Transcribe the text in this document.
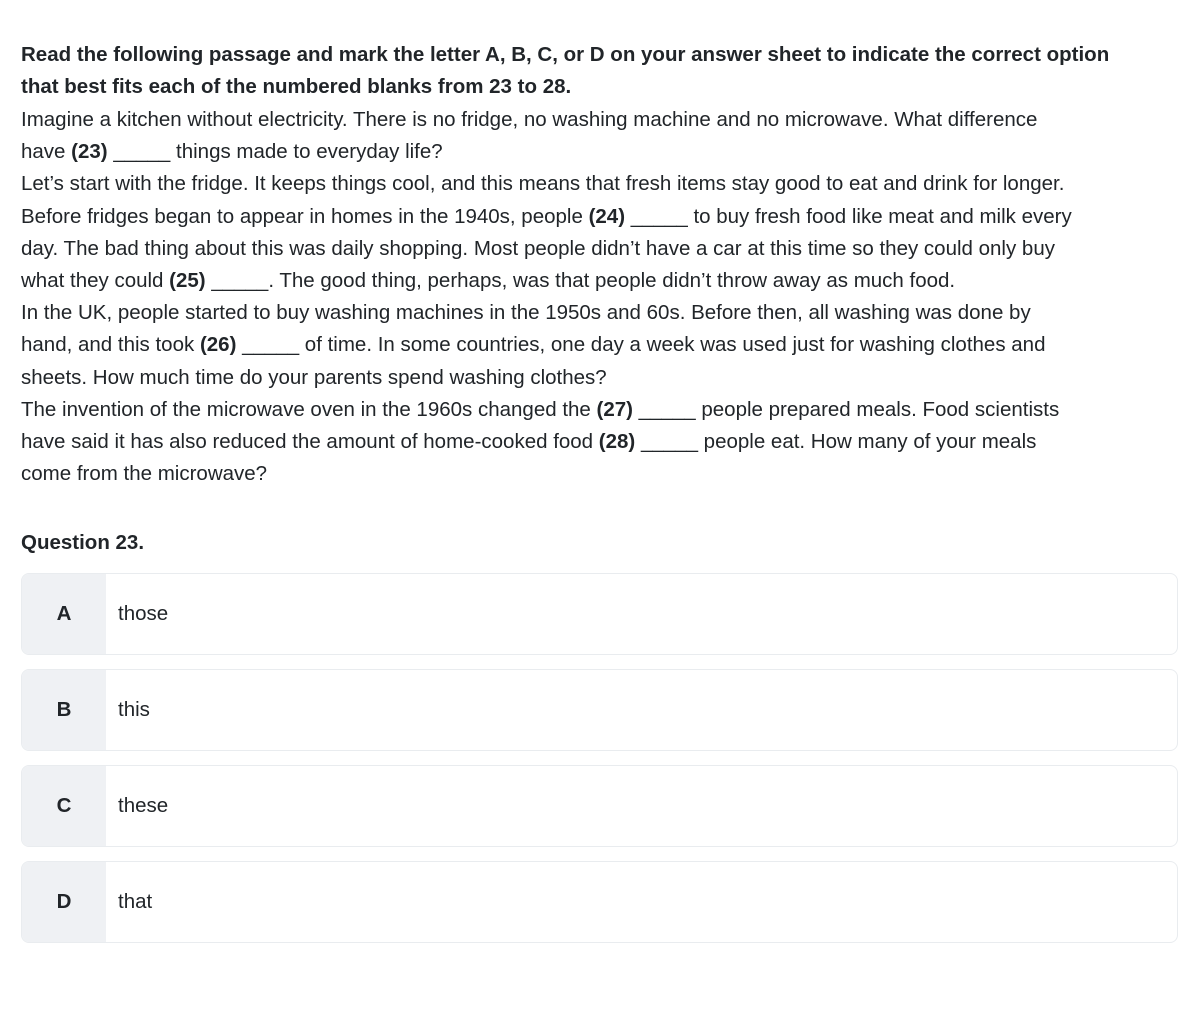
Read the following passage and mark the letter A, B, C, or D on your answer sheet to indicate the correct option
that best fits each of the numbered blanks from 23 to 28.

Imagine a kitchen without electricity. There is no fridge, no washing machine and no microwave. What difference
have (23) _____ things made to everyday life?
Let’s start with the fridge. It keeps things cool, and this means that fresh items stay good to eat and drink for longer.
Before fridges began to appear in homes in the 1940s, people (24) _____ to buy fresh food like meat and milk every
day. The bad thing about this was daily shopping. Most people didn’t have a car at this time so they could only buy
what they could (25) _____. The good thing, perhaps, was that people didn’t throw away as much food.
In the UK, people started to buy washing machines in the 1950s and 60s. Before then, all washing was done by
hand, and this took (26) _____ of time. In some countries, one day a week was used just for washing clothes and
sheets. How much time do your parents spend washing clothes?
The invention of the microwave oven in the 1960s changed the (27) _____ people prepared meals. Food scientists
have said it has also reduced the amount of home-cooked food (28) _____ people eat. How many of your meals
come from the microwave?

Question 23.

A	those
B	this
C	these
D	that
